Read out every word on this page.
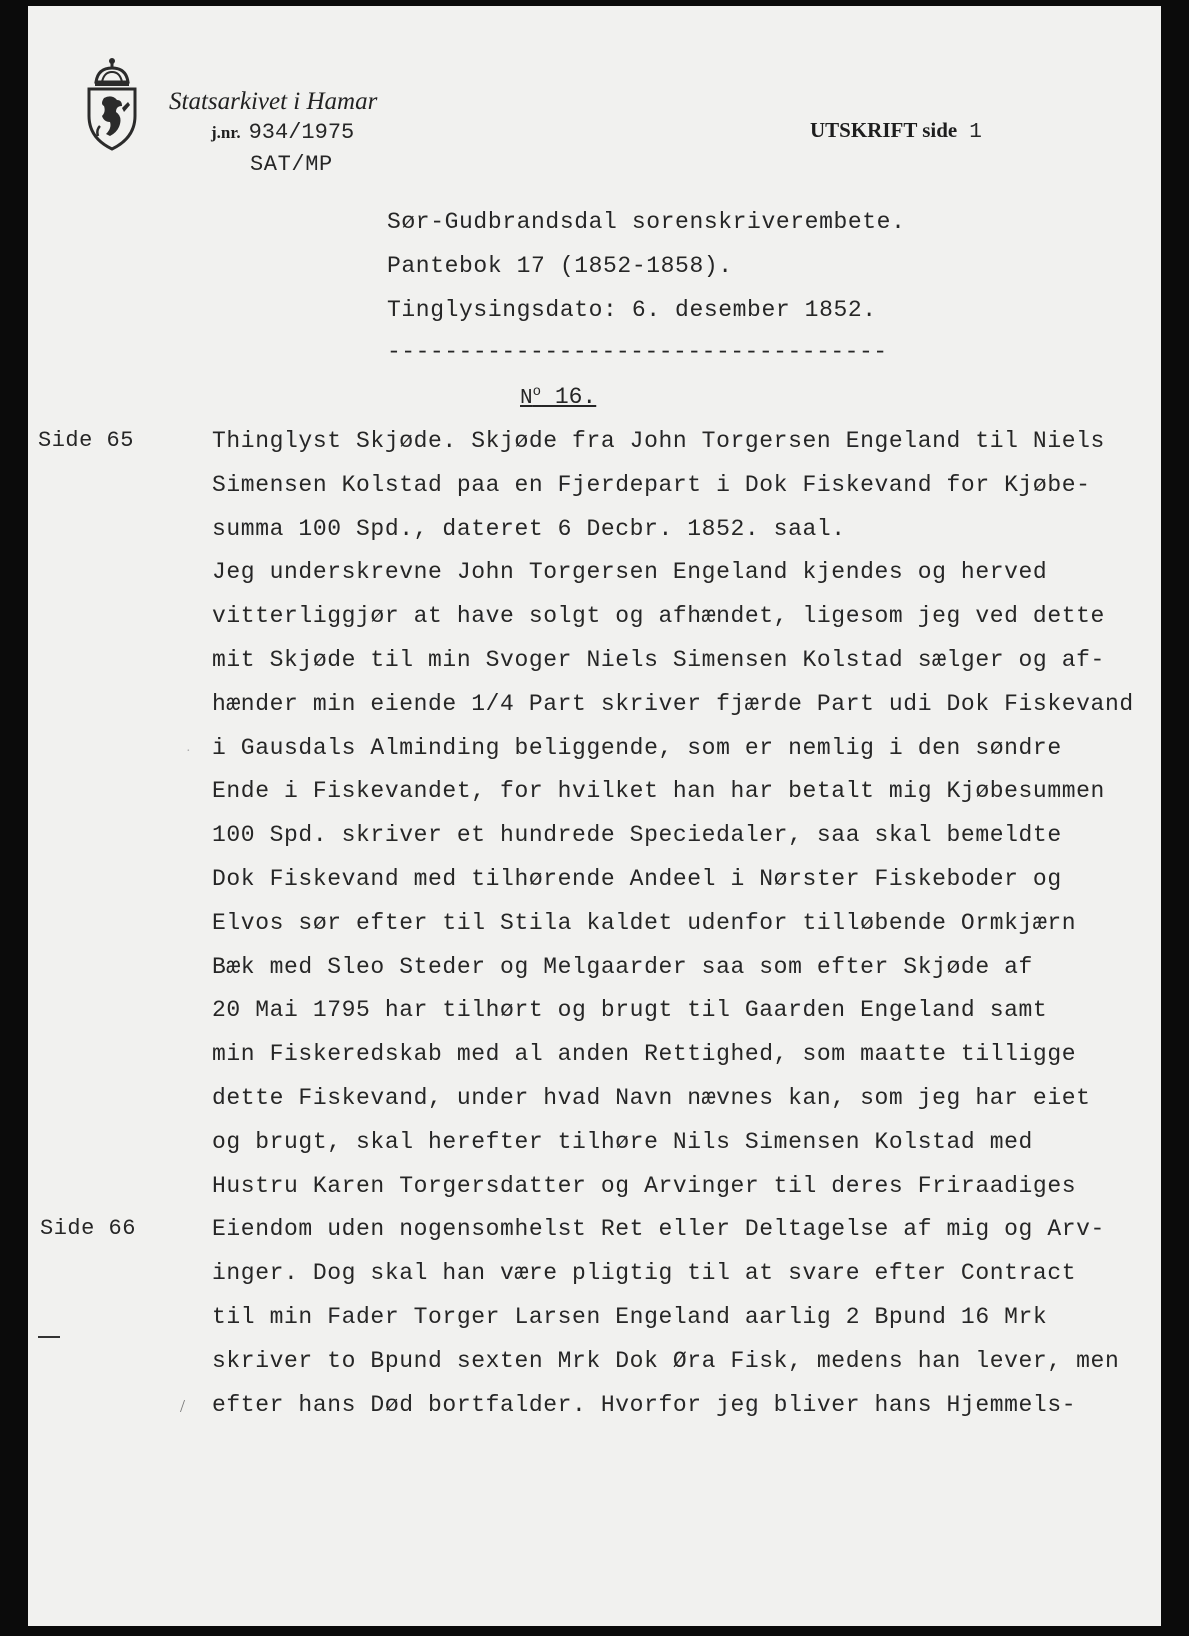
Statsarkivet i Hamar
j.nr. 934/1975
SAT/MP
UTSKRIFT side 1
Sør-Gudbrandsdal sorenskriverembete.
Pantebok 17 (1852-1858).
Tinglysingsdato: 6. desember 1852.
-----------------------------------
$N^o$ 16.
Side 65
Side 66
/
·
Thinglyst Skjøde. Skjøde fra John Torgersen Engeland til Niels
Simensen Kolstad paa en Fjerdepart i Dok Fiskevand for Kjøbe-
summa 100 Spd., dateret 6 Decbr. 1852. saal.
Jeg underskrevne John Torgersen Engeland kjendes og herved
vitterliggjør at have solgt og afhændet, ligesom jeg ved dette
mit Skjøde til min Svoger Niels Simensen Kolstad sælger og af-
hænder min eiende 1/4 Part skriver fjærde Part udi Dok Fiskevand
i Gausdals Alminding beliggende, som er nemlig i den søndre
Ende i Fiskevandet, for hvilket han har betalt mig Kjøbesummen
100 Spd. skriver et hundrede Speciedaler, saa skal bemeldte
Dok Fiskevand med tilhørende Andeel i Nørster Fiskeboder og
Elvos sør efter til Stila kaldet udenfor tilløbende Ormkjærn
Bæk med Sleo Steder og Melgaarder saa som efter Skjøde af
20 Mai 1795 har tilhørt og brugt til Gaarden Engeland samt
min Fiskeredskab med al anden Rettighed, som maatte tilligge
dette Fiskevand, under hvad Navn nævnes kan, som jeg har eiet
og brugt, skal herefter tilhøre Nils Simensen Kolstad med
Hustru Karen Torgersdatter og Arvinger til deres Friraadiges
Eiendom uden nogensomhelst Ret eller Deltagelse af mig og Arv-
inger. Dog skal han være pligtig til at svare efter Contract
til min Fader Torger Larsen Engeland aarlig 2 Bpund 16 Mrk
skriver to Bpund sexten Mrk Dok Øra Fisk, medens han lever, men
efter hans Død bortfalder. Hvorfor jeg bliver hans Hjemmels-
